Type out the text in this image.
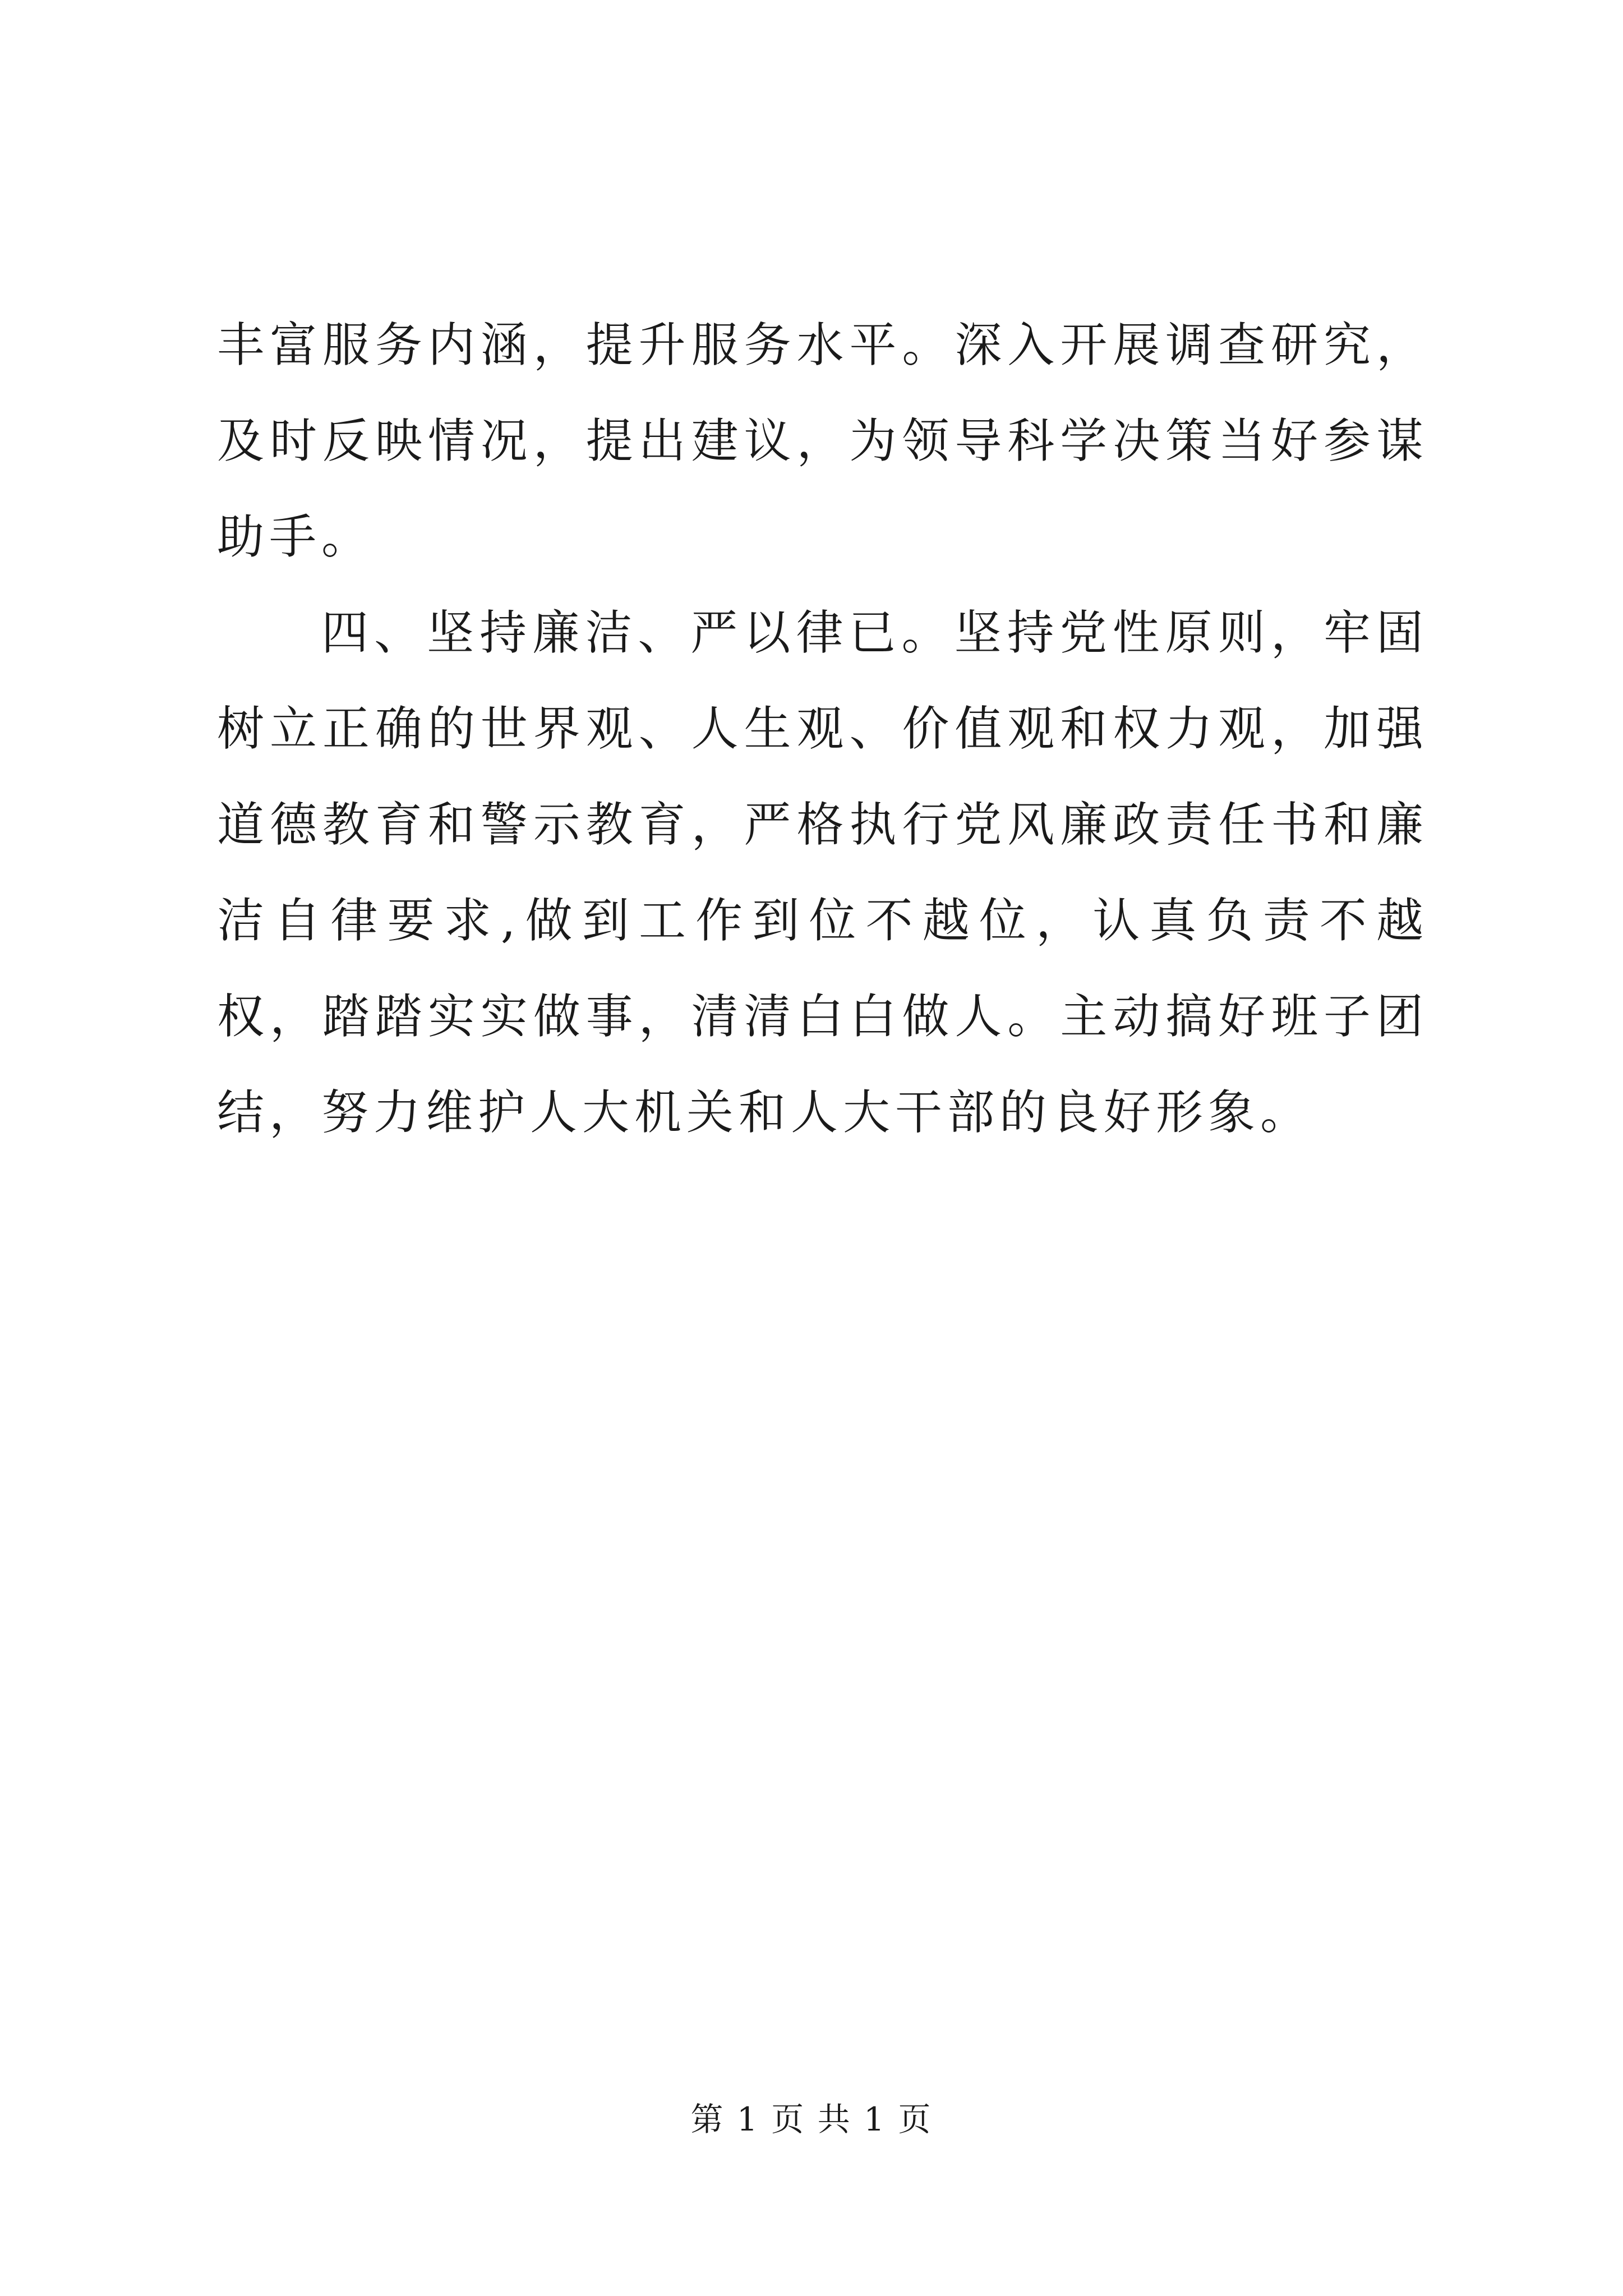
丰富服务内涵，提升服务水平。深入开展调查研究，及时反映情况，提出建议，为领导科学决策当好参谋助手。

四、坚持廉洁、严以律已。坚持党性原则，牢固树立正确的世界观、人生观、价值观和权力观，加强道德教育和警示教育，严格执行党风廉政责任书和廉洁自律要求,做到工作到位不越位，认真负责不越权，踏踏实实做事，清清白白做人。主动搞好班子团结，努力维护人大机关和人大干部的良好形象。

第 1 页 共 1 页
